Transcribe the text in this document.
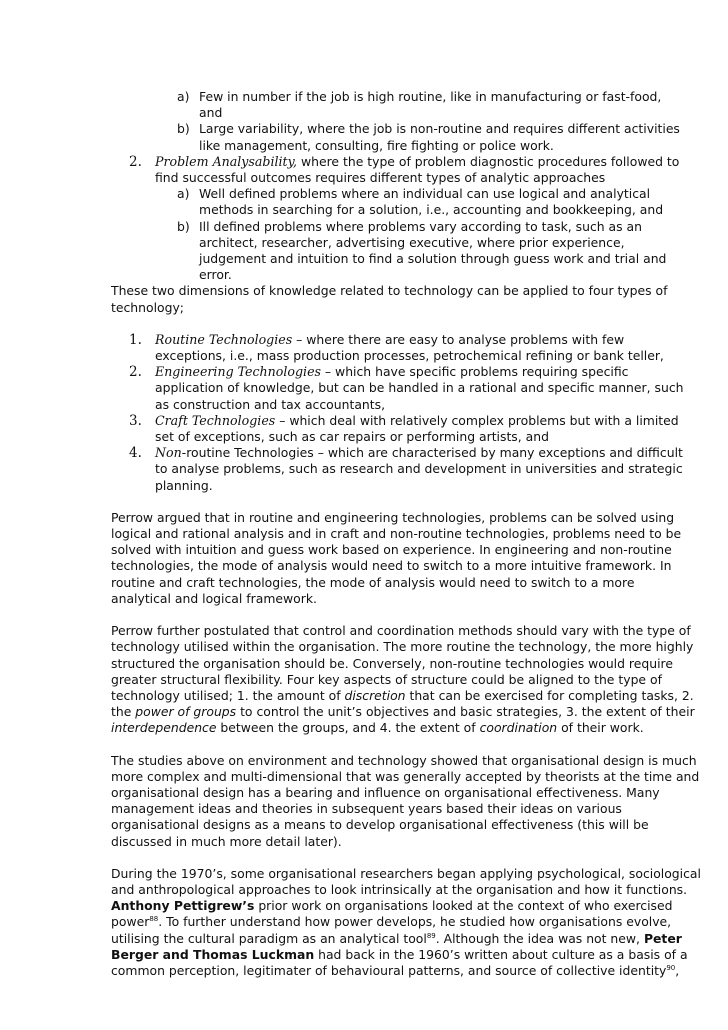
a) Few in number if the job is high routine, like in manufacturing or fast-food,
and
b) Large variability, where the job is non-routine and requires different activities
like management, consulting, fire fighting or police work.
2. Problem Analysability, where the type of problem diagnostic procedures followed to
find successful outcomes requires different types of analytic approaches
a) Well defined problems where an individual can use logical and analytical
methods in searching for a solution, i.e., accounting and bookkeeping, and
b) Ill defined problems where problems vary according to task, such as an
architect, researcher, advertising executive, where prior experience,
judgement and intuition to find a solution through guess work and trial and
error.
These two dimensions of knowledge related to technology can be applied to four types of
technology;
1. Routine Technologies – where there are easy to analyse problems with few
exceptions, i.e., mass production processes, petrochemical refining or bank teller,
2. Engineering Technologies – which have specific problems requiring specific
application of knowledge, but can be handled in a rational and specific manner, such
as construction and tax accountants,
3. Craft Technologies – which deal with relatively complex problems but with a limited
set of exceptions, such as car repairs or performing artists, and
4. Non-routine Technologies – which are characterised by many exceptions and difficult
to analyse problems, such as research and development in universities and strategic
planning.
Perrow argued that in routine and engineering technologies, problems can be solved using
logical and rational analysis and in craft and non-routine technologies, problems need to be
solved with intuition and guess work based on experience. In engineering and non-routine
technologies, the mode of analysis would need to switch to a more intuitive framework. In
routine and craft technologies, the mode of analysis would need to switch to a more
analytical and logical framework.
Perrow further postulated that control and coordination methods should vary with the type of
technology utilised within the organisation. The more routine the technology, the more highly
structured the organisation should be. Conversely, non-routine technologies would require
greater structural flexibility. Four key aspects of structure could be aligned to the type of
technology utilised; 1. the amount of discretion that can be exercised for completing tasks, 2.
the power of groups to control the unit’s objectives and basic strategies, 3. the extent of their
interdependence between the groups, and 4. the extent of coordination of their work.
The studies above on environment and technology showed that organisational design is much
more complex and multi-dimensional that was generally accepted by theorists at the time and
organisational design has a bearing and influence on organisational effectiveness. Many
management ideas and theories in subsequent years based their ideas on various
organisational designs as a means to develop organisational effectiveness (this will be
discussed in much more detail later).
During the 1970’s, some organisational researchers began applying psychological, sociological
and anthropological approaches to look intrinsically at the organisation and how it functions.
Anthony Pettigrew’s prior work on organisations looked at the context of who exercised
power$^{88}$. To further understand how power develops, he studied how organisations evolve,
utilising the cultural paradigm as an analytical tool$^{89}$. Although the idea was not new, Peter
Berger and Thomas Luckman had back in the 1960’s written about culture as a basis of a
common perception, legitimater of behavioural patterns, and source of collective identity$^{90}$,
